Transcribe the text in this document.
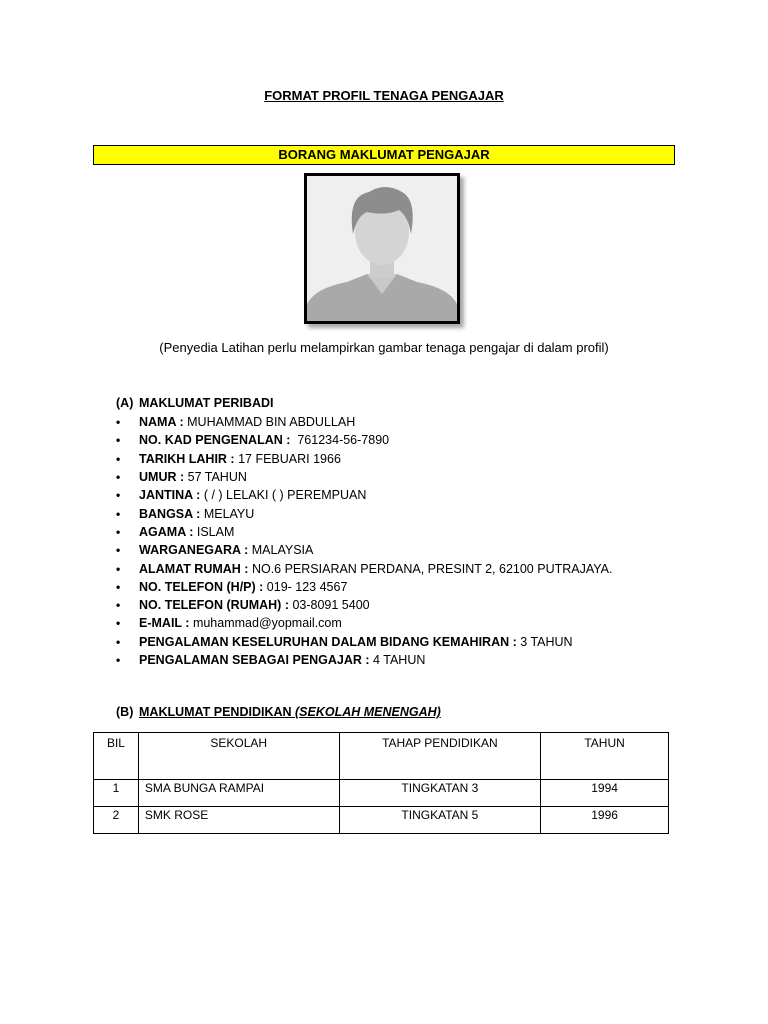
FORMAT PROFIL TENAGA PENGAJAR
BORANG MAKLUMAT PENGAJAR
(Penyedia Latihan perlu melampirkan gambar tenaga pengajar di dalam profil)
(A) MAKLUMAT PERIBADI
•	NAMA : MUHAMMAD BIN ABDULLAH
•	NO. KAD PENGENALAN : 761234-56-7890
•	TARIKH LAHIR : 17 FEBUARI 1966
•	UMUR : 57 TAHUN
•	JANTINA : ( / ) LELAKI ( ) PEREMPUAN
•	BANGSA : MELAYU
•	AGAMA : ISLAM
•	WARGANEGARA : MALAYSIA
•	ALAMAT RUMAH : NO.6 PERSIARAN PERDANA, PRESINT 2, 62100 PUTRAJAYA.
•	NO. TELEFON (H/P) : 019- 123 4567
•	NO. TELEFON (RUMAH) : 03-8091 5400
•	E-MAIL : muhammad@yopmail.com
•	PENGALAMAN KESELURUHAN DALAM BIDANG KEMAHIRAN : 3 TAHUN
•	PENGALAMAN SEBAGAI PENGAJAR : 4 TAHUN
(B) MAKLUMAT PENDIDIKAN (SEKOLAH MENENGAH)
BIL	SEKOLAH	TAHAP PENDIDIKAN	TAHUN
1	SMA BUNGA RAMPAI	TINGKATAN 3	1994
2	SMK ROSE	TINGKATAN 5	1996
